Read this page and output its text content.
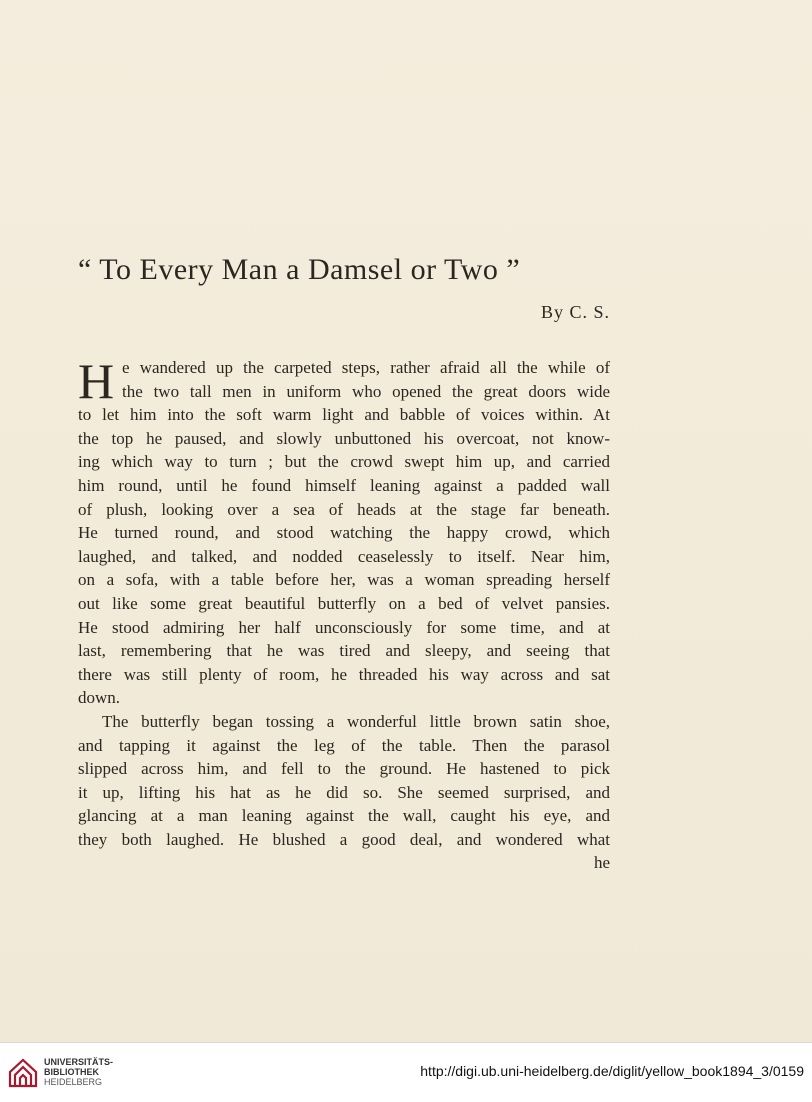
“ To Every Man a Damsel or Two ”
By C. S.
H e wandered up the carpeted steps, rather afraid all the while of
the two tall men in uniform who opened the great doors wide
to let him into the soft warm light and babble of voices within. At
the top he paused, and slowly unbuttoned his overcoat, not know-
ing which way to turn ; but the crowd swept him up, and carried
him round, until he found himself leaning against a padded wall
of plush, looking over a sea of heads at the stage far beneath.
He turned round, and stood watching the happy crowd, which
laughed, and talked, and nodded ceaselessly to itself. Near him,
on a sofa, with a table before her, was a woman spreading herself
out like some great beautiful butterfly on a bed of velvet pansies.
He stood admiring her half unconsciously for some time, and at
last, remembering that he was tired and sleepy, and seeing that
there was still plenty of room, he threaded his way across and sat
down.
The butterfly began tossing a wonderful little brown satin shoe,
and tapping it against the leg of the table. Then the parasol
slipped across him, and fell to the ground. He hastened to pick
it up, lifting his hat as he did so. She seemed surprised, and
glancing at a man leaning against the wall, caught his eye, and
they both laughed. He blushed a good deal, and wondered what
he
UNIVERSITÄTS-
BIBLIOTHEK
HEIDELBERG
http://digi.ub.uni-heidelberg.de/diglit/yellow_book1894_3/0159
